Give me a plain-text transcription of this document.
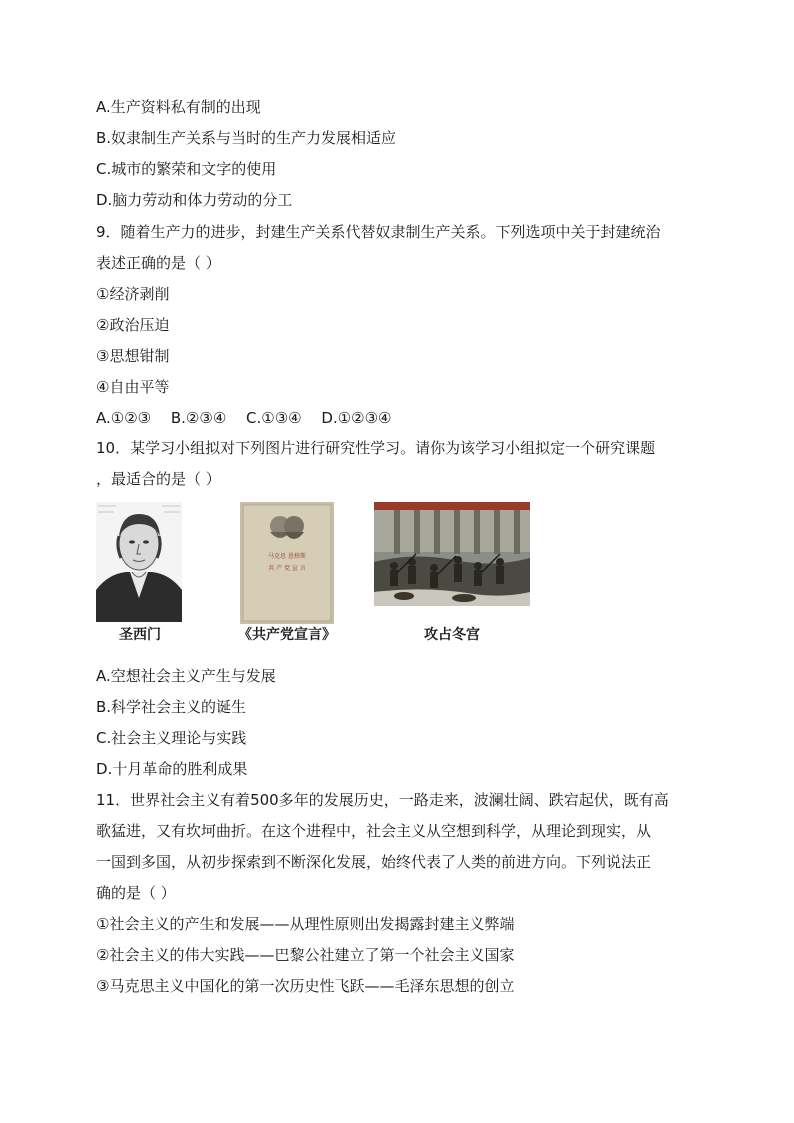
A.生产资料私有制的出现
B.奴隶制生产关系与当时的生产力发展相适应
C.城市的繁荣和文字的使用
D.脑力劳动和体力劳动的分工
9．随着生产力的进步，封建生产关系代替奴隶制生产关系。下列选项中关于封建统治
表述正确的是（ ）
①经济剥削
②政治压迫
③思想钳制
④自由平等
A.①②③　 B.②③④ 　C.①③④ 　D.①②③④
10．某学习小组拟对下列图片进行研究性学习。请你为该学习小组拟定一个研究课题
，最适合的是（ ）
圣西门
马克思 恩格斯
共 产 党 宣 言
《共产党宣言》	攻占冬宫
A.空想社会主义产生与发展
B.科学社会主义的诞生
C.社会主义理论与实践
D.十月革命的胜利成果
11．世界社会主义有着500多年的发展历史，一路走来，波澜壮阔、跌宕起伏，既有高
歌猛进，又有坎坷曲折。在这个进程中，社会主义从空想到科学，从理论到现实，从
一国到多国，从初步探索到不断深化发展，始终代表了人类的前进方向。下列说法正
确的是（ ）
①社会主义的产生和发展——从理性原则出发揭露封建主义弊端
②社会主义的伟大实践——巴黎公社建立了第一个社会主义国家
③马克思主义中国化的第一次历史性飞跃——毛泽东思想的创立
